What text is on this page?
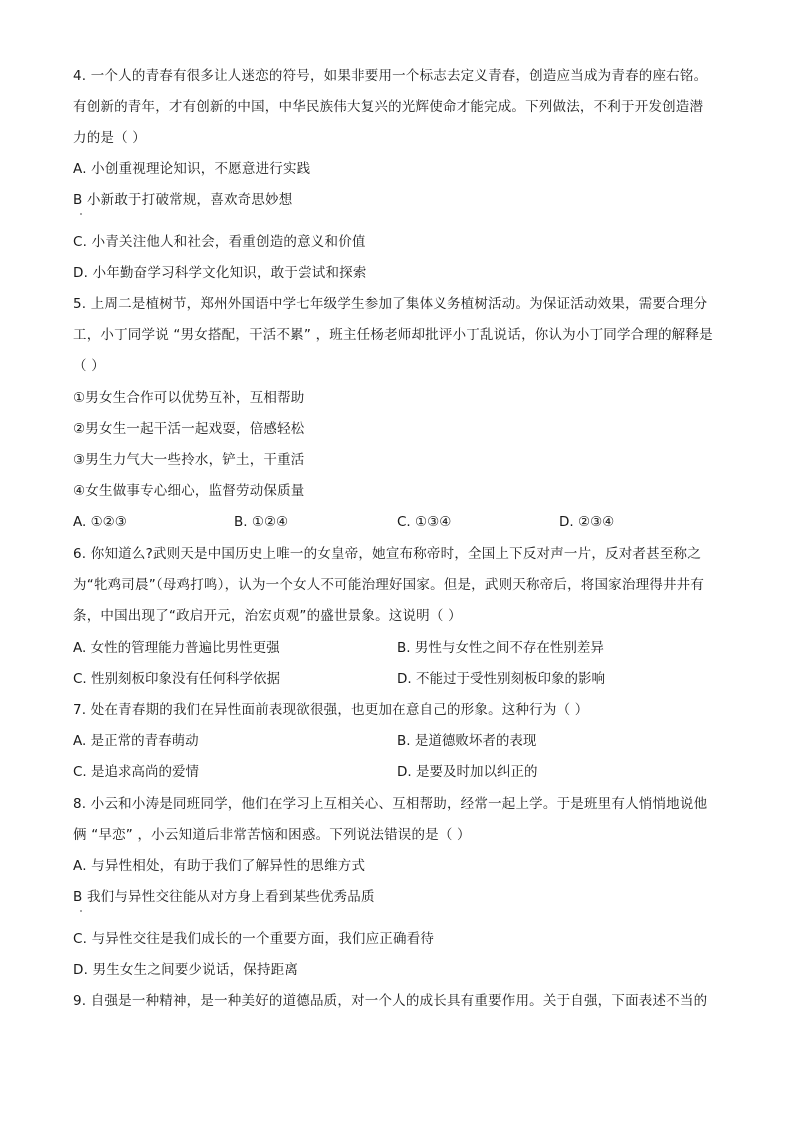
4. 一个人的青春有很多让人迷恋的符号，如果非要用一个标志去定义青春，创造应当成为青春的座右铭。
有创新的青年，才有创新的中国，中华民族伟大复兴的光辉使命才能完成。下列做法，不利于开发创造潜
力的是（ ）
A. 小创重视理论知识，不愿意进行实践
B 小新敢于打破常规，喜欢奇思妙想
C. 小青关注他人和社会，看重创造的意义和价值
D. 小年勤奋学习科学文化知识，敢于尝试和探索
5. 上周二是植树节，郑州外国语中学七年级学生参加了集体义务植树活动。为保证活动效果，需要合理分
工，小丁同学说 “男女搭配，干活不累” ，班主任杨老师却批评小丁乱说话，你认为小丁同学合理的解释是
（ ）
①男女生合作可以优势互补，互相帮助
②男女生一起干活一起戏耍，倍感轻松
③男生力气大一些拎水，铲土，干重活
④女生做事专心细心，监督劳动保质量
A. ①②③	B. ①②④	C. ①③④	D. ②③④
6. 你知道么?武则天是中国历史上唯一的女皇帝，她宣布称帝时，全国上下反对声一片，反对者甚至称之
为“牝鸡司晨”（母鸡打鸣），认为一个女人不可能治理好国家。但是，武则天称帝后，将国家治理得井井有
条，中国出现了“政启开元，治宏贞观”的盛世景象。这说明（ ）
A. 女性的管理能力普遍比男性更强	B. 男性与女性之间不存在性别差异
C. 性别刻板印象没有任何科学依据	D. 不能过于受性别刻板印象的影响
7. 处在青春期的我们在异性面前表现欲很强，也更加在意自己的形象。这种行为（ ）
A. 是正常的青春萌动	B. 是道德败坏者的表现
C. 是追求高尚的爱情	D. 是要及时加以纠正的
8. 小云和小涛是同班同学，他们在学习上互相关心、互相帮助，经常一起上学。于是班里有人悄悄地说他
俩 “早恋” ，小云知道后非常苦恼和困惑。下列说法错误的是（ ）
A. 与异性相处，有助于我们了解异性的思维方式
B 我们与异性交往能从对方身上看到某些优秀品质
C. 与异性交往是我们成长的一个重要方面，我们应正确看待
D. 男生女生之间要少说话，保持距离
9. 自强是一种精神，是一种美好的道德品质，对一个人的成长具有重要作用。关于自强，下面表述不当的
